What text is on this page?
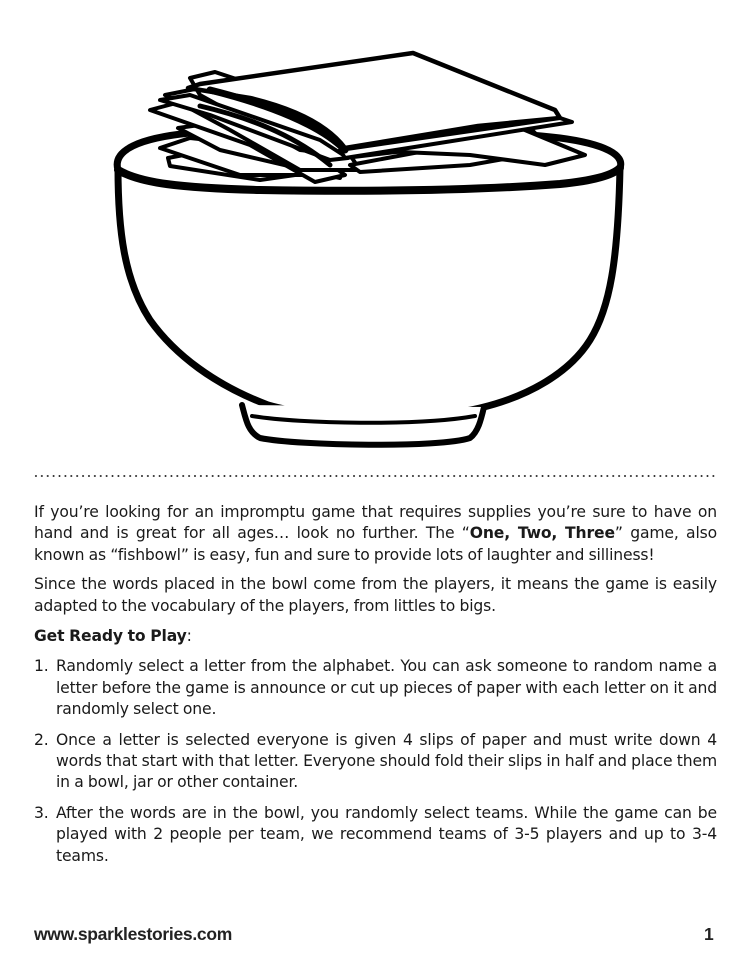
If you’re looking for an impromptu game that requires supplies you’re sure to have on hand and is great for all ages… look no further. The “One, Two, Three” game, also known as “fishbowl” is easy, fun and sure to provide lots of laughter and silliness!

Since the words placed in the bowl come from the players, it means the game is easily adapted to the vocabulary of the players, from littles to bigs.

Get Ready to Play:
1. Randomly select a letter from the alphabet. You can ask someone to random name a letter before the game is announce or cut up pieces of paper with each letter on it and randomly select one.
2. Once a letter is selected everyone is given 4 slips of paper and must write down 4 words that start with that letter. Everyone should fold their slips in half and place them in a bowl, jar or other container.
3. After the words are in the bowl, you randomly select teams. While the game can be played with 2 people per team, we recommend teams of 3-5 players and up to 3-4 teams.
www.sparklestories.com	1
